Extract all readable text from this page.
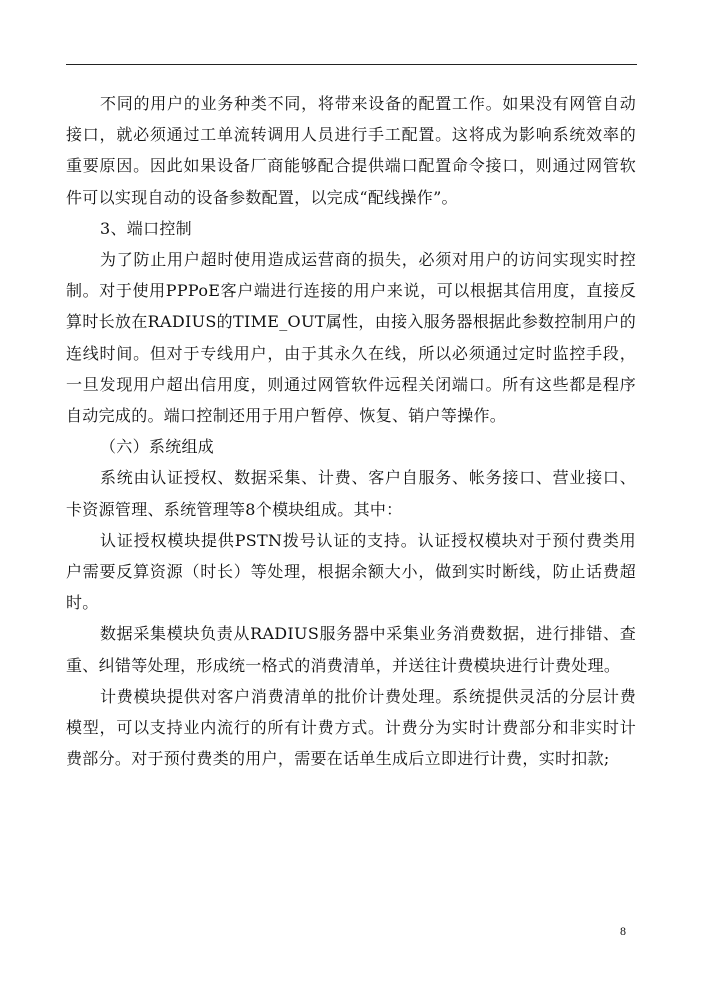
不同的用户的业务种类不同，将带来设备的配置工作。如果没有网管自动接口，就必须通过工单流转调用人员进行手工配置。这将成为影响系统效率的重要原因。因此如果设备厂商能够配合提供端口配置命令接口，则通过网管软件可以实现自动的设备参数配置，以完成“配线操作”。

3、端口控制

为了防止用户超时使用造成运营商的损失，必须对用户的访问实现实时控制。对于使用PPPoE客户端进行连接的用户来说，可以根据其信用度，直接反算时长放在RADIUS的TIME_OUT属性，由接入服务器根据此参数控制用户的连线时间。但对于专线用户，由于其永久在线，所以必须通过定时监控手段，一旦发现用户超出信用度，则通过网管软件远程关闭端口。所有这些都是程序自动完成的。端口控制还用于用户暂停、恢复、销户等操作。

（六）系统组成

系统由认证授权、数据采集、计费、客户自服务、帐务接口、营业接口、卡资源管理、系统管理等8个模块组成。其中：

认证授权模块提供PSTN拨号认证的支持。认证授权模块对于预付费类用户需要反算资源（时长）等处理，根据余额大小，做到实时断线，防止话费超时。

数据采集模块负责从RADIUS服务器中采集业务消费数据，进行排错、查重、纠错等处理，形成统一格式的消费清单，并送往计费模块进行计费处理。

计费模块提供对客户消费清单的批价计费处理。系统提供灵活的分层计费模型，可以支持业内流行的所有计费方式。计费分为实时计费部分和非实时计费部分。对于预付费类的用户，需要在话单生成后立即进行计费，实时扣款;

8
